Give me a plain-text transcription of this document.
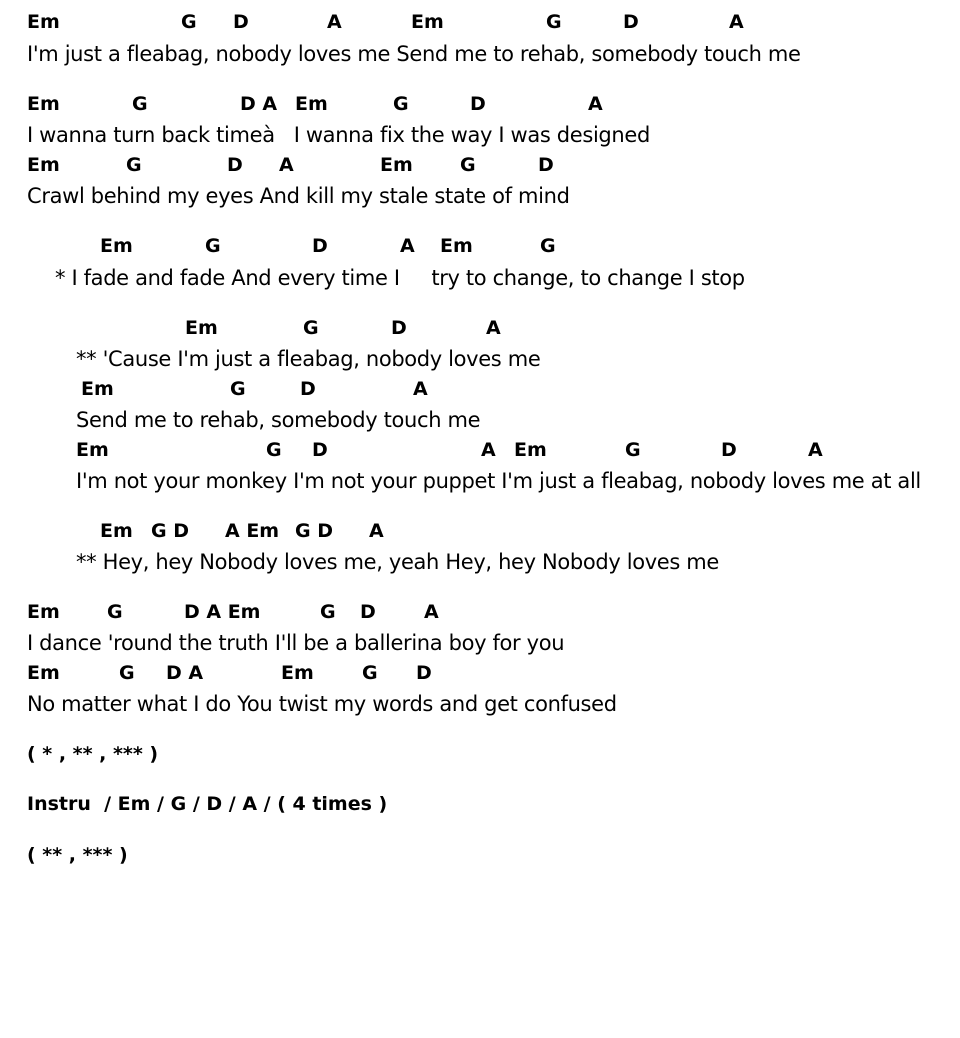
Em

	G

D

	A

	Em

	G

	D

	A

I'm just a fleabag, nobody loves me Send me to rehab, somebody touch me

Em

	G

	D A

Em

	G

	D

	A

I wanna turn back timeà   I wanna fix the way I was designed

Em

	G

	D

A

	Em

G

	D

Crawl behind my eyes And kill my stale state of mind

Em

	G

	D

	A

Em

	G

* I fade and fade And every time I     try to change, to change I stop

Em

	G

	D

	A

** 'Cause I'm just a fleabag, nobody loves me

Em

	G

	D

	A

Send me to rehab, somebody touch me

Em

	G

D

	A

Em

	G

	D

	A

I'm not your monkey I'm not your puppet I'm just a fleabag, nobody loves me at all

Em

G D

A Em

G D

A

** Hey, hey Nobody loves me, yeah Hey, hey Nobody loves me

Em

G

	D A Em

	G

D

	A

I dance 'round the truth I'll be a ballerina boy for you

Em

	G

D A

	Em

	G

D

No matter what I do You twist my words and get confused
( * , ** , *** )
Instru  / Em / G / D / A / ( 4 times )
( ** , *** )
